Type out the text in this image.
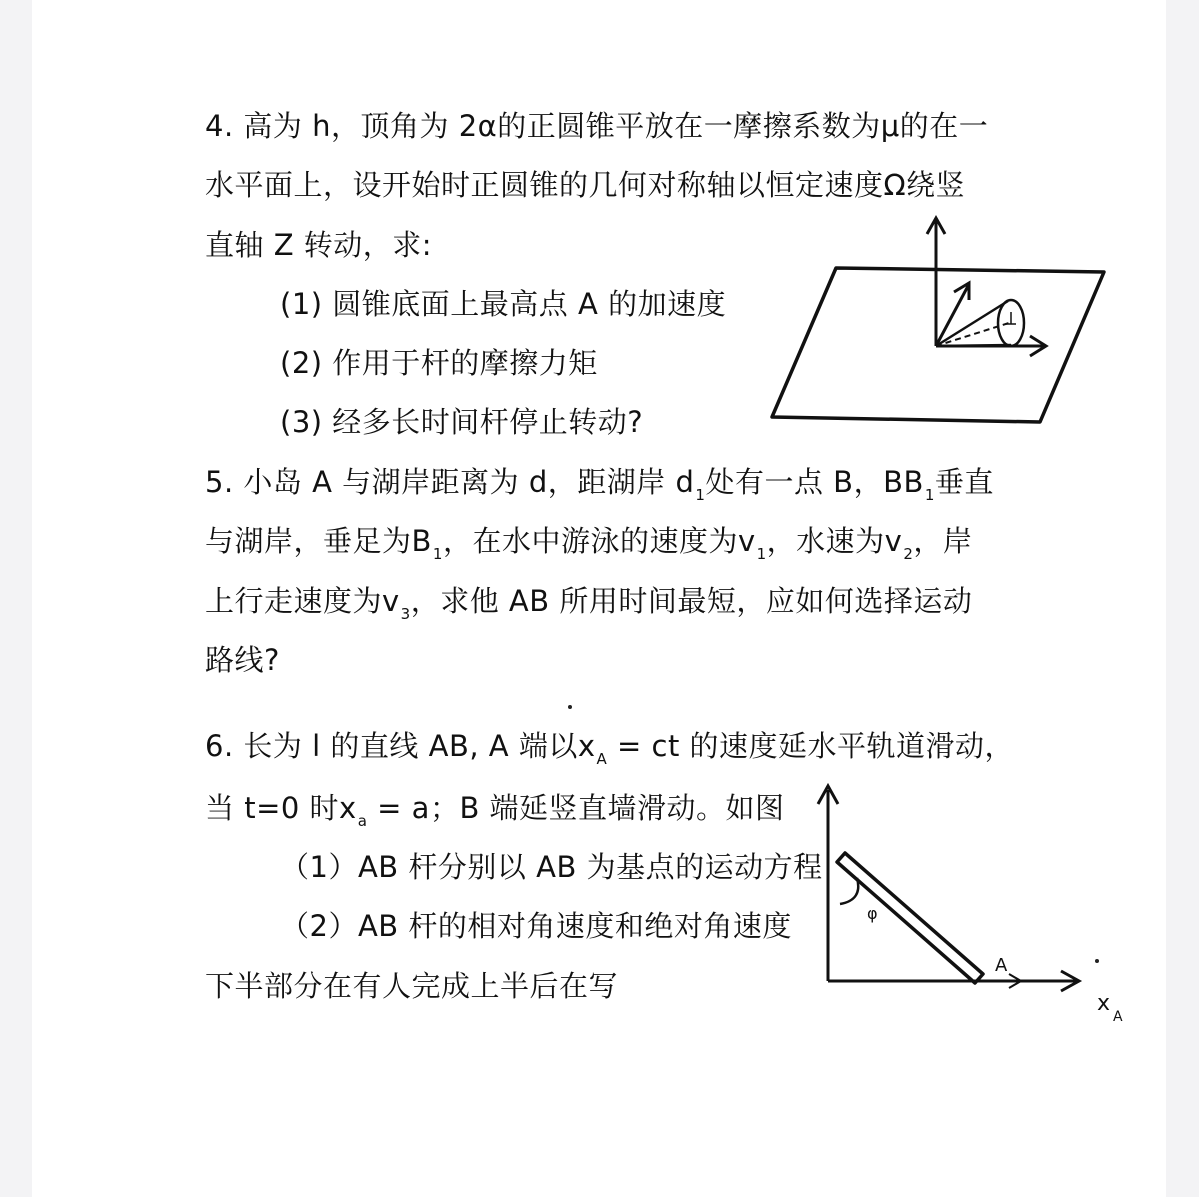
4. 高为 h，顶角为 2α的正圆锥平放在一摩擦系数为μ的在一
水平面上，设开始时正圆锥的几何对称轴以恒定速度Ω绕竖
直轴 Z 转动，求:
(1) 圆锥底面上最高点 A 的加速度
(2) 作用于杆的摩擦力矩
(3) 经多长时间杆停止转动?
5. 小岛 A 与湖岸距离为 d，距湖岸 $d_1$处有一点 B，$BB_1$垂直
与湖岸，垂足为$B_1$，在水中游泳的速度为$v_1$，水速为$v_2$，岸
上行走速度为$v_3$，求他 AB 所用时间最短，应如何选择运动
路线?
6. 长为 l 的直线 AB, A 端以$x_A$ = ct 的速度延水平轨道滑动，
当 t=0 时$x_a = a$；B 端延竖直墙滑动。如图
（1）AB 杆分别以 AB 为基点的运动方程
（2）AB 杆的相对角速度和绝对角速度
下半部分在有人完成上半后在写
φ
A
x
A
